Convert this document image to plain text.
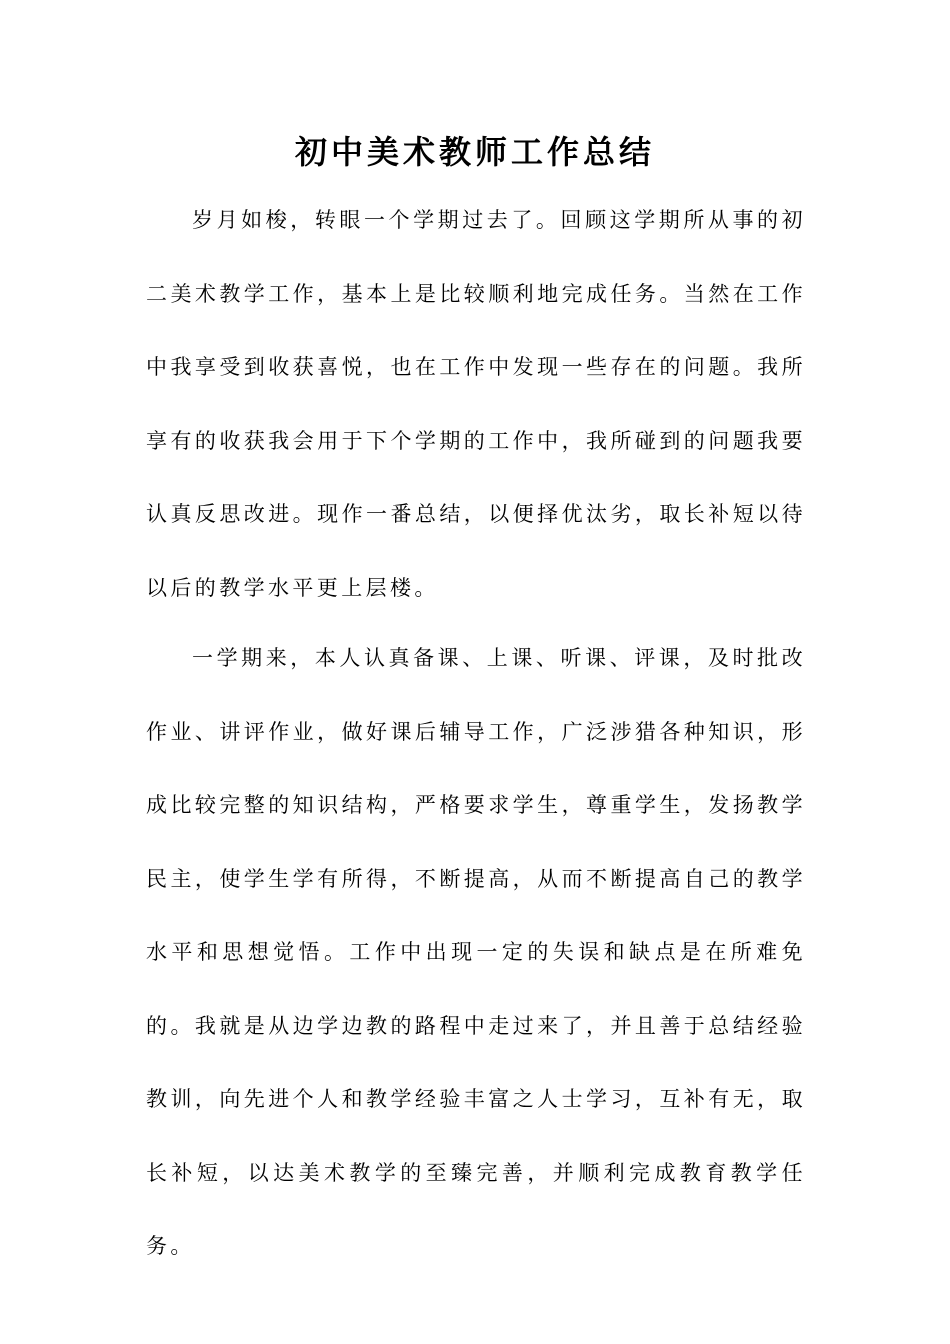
初中美术教师工作总结

岁月如梭，转眼一个学期过去了。回顾这学期所从事的初二美术教学工作，基本上是比较顺利地完成任务。当然在工作中我享受到收获喜悦，也在工作中发现一些存在的问题。我所享有的收获我会用于下个学期的工作中，我所碰到的问题我要认真反思改进。现作一番总结，以便择优汰劣，取长补短以待以后的教学水平更上层楼。

一学期来，本人认真备课、上课、听课、评课，及时批改作业、讲评作业，做好课后辅导工作，广泛涉猎各种知识，形成比较完整的知识结构，严格要求学生，尊重学生，发扬教学民主，使学生学有所得，不断提高，从而不断提高自己的教学水平和思想觉悟。工作中出现一定的失误和缺点是在所难免的。我就是从边学边教的路程中走过来了，并且善于总结经验教训，向先进个人和教学经验丰富之人士学习，互补有无，取长补短，以达美术教学的至臻完善，并顺利完成教育教学任务。
